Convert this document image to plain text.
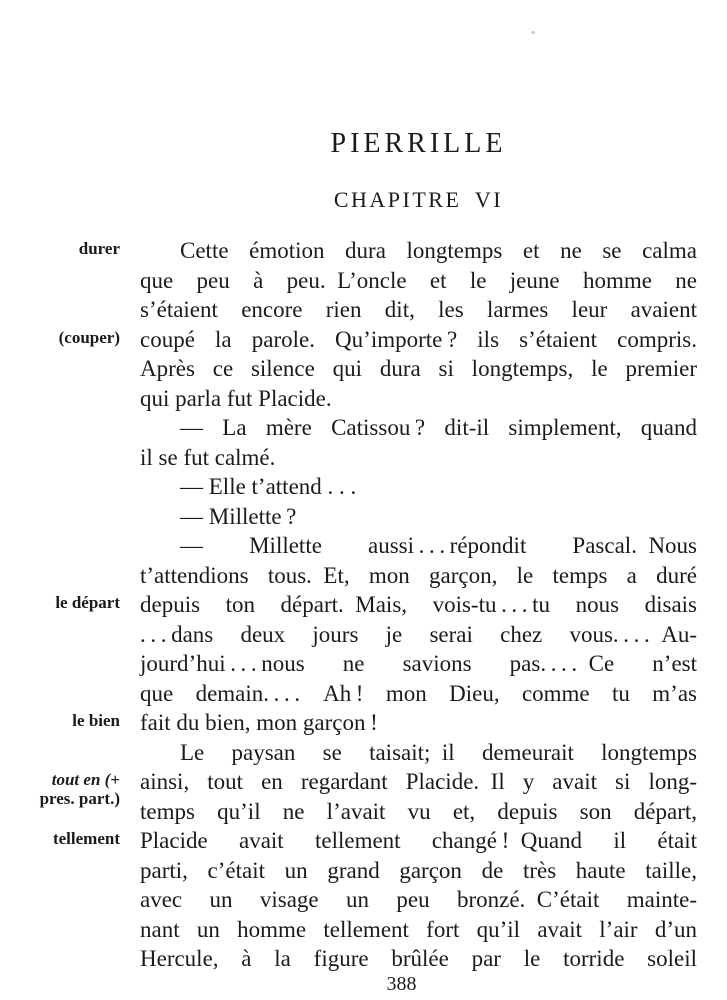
PIERRILLE
CHAPITRE VI
durer	Cette émotion dura longtemps et ne se calma
que peu à peu. L’oncle et le jeune homme ne
s’étaient encore rien dit, les larmes leur avaient
(couper) coupé la parole. Qu’importe ? ils s’étaient compris.
Après ce silence qui dura si longtemps, le premier
qui parla fut Placide.
— La mère Catissou ? dit-il simplement, quand
il se fut calmé.
— Elle t’attend . . .
— Millette ?
— Millette aussi . . . répondit Pascal. Nous
t’attendions tous. Et, mon garçon, le temps a duré
le départ depuis ton départ. Mais, vois-tu . . . tu nous disais
. . . dans deux jours je serai chez vous. . . . Au-
jourd’hui . . . nous ne savions pas. . . . Ce n’est
que demain. . . .  Ah ! mon Dieu, comme tu m’as
le bien fait du bien, mon garçon !
Le paysan se taisait; il demeurait longtemps
tout en (+
pres. part.)
ainsi, tout en regardant Placide. Il y avait si long-
temps qu’il ne l’avait vu et, depuis son départ,
tellement Placide avait tellement changé ! Quand il était
parti, c’était un grand garçon de très haute taille,
avec un visage un peu bronzé. C’était mainte-
nant un homme tellement fort qu’il avait l’air d’un
Hercule, à la figure brûlée par le torride soleil
388
